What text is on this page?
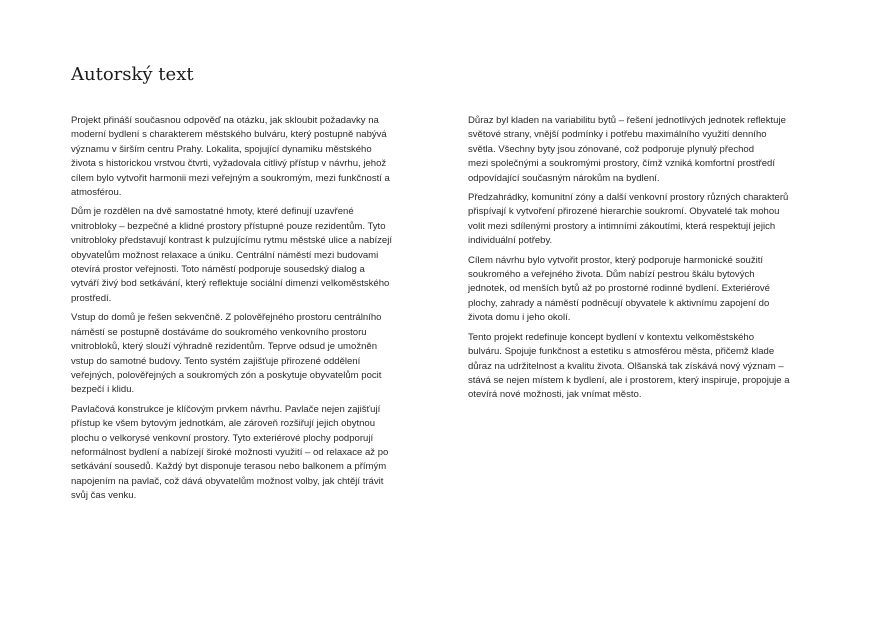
Autorský text

Projekt přináší současnou odpověď na otázku, jak skloubit požadavky na
moderní bydlení s charakterem městského bulváru, který postupně nabývá
významu v širším centru Prahy. Lokalita, spojující dynamiku městského
života s historickou vrstvou čtvrti, vyžadovala citlivý přístup v návrhu, jehož
cílem bylo vytvořit harmonii mezi veřejným a soukromým, mezi funkčností a
atmosférou.

Dům je rozdělen na dvě samostatné hmoty, které definují uzavřené
vnitrobloky – bezpečné a klidné prostory přístupné pouze rezidentům. Tyto
vnitrobloky představují kontrast k pulzujícímu rytmu městské ulice a nabízejí
obyvatelům možnost relaxace a úniku. Centrální náměstí mezi budovami
otevírá prostor veřejnosti. Toto náměstí podporuje sousedský dialog a
vytváří živý bod setkávání, který reflektuje sociální dimenzi velkoměstského
prostředí.

Vstup do domů je řešen sekvenčně. Z polověřejného prostoru centrálního
náměstí se postupně dostáváme do soukromého venkovního prostoru
vnitrobloků, který slouží výhradně rezidentům. Teprve odsud je umožněn
vstup do samotné budovy. Tento systém zajišťuje přirozené oddělení
veřejných, polověřejných a soukromých zón a poskytuje obyvatelům pocit
bezpečí i klidu.

Pavlačová konstrukce je klíčovým prvkem návrhu. Pavlače nejen zajišťují
přístup ke všem bytovým jednotkám, ale zároveň rozšiřují jejich obytnou
plochu o velkorysé venkovní prostory. Tyto exteriérové plochy podporují
neformálnost bydlení a nabízejí široké možnosti využití – od relaxace až po
setkávání sousedů. Každý byt disponuje terasou nebo balkonem a přímým
napojením na pavlač, což dává obyvatelům možnost volby, jak chtějí trávit
svůj čas venku.

Důraz byl kladen na variabilitu bytů – řešení jednotlivých jednotek reflektuje
světové strany, vnější podmínky i potřebu maximálního využití denního
světla. Všechny byty jsou zónované, což podporuje plynulý přechod
mezi společnými a soukromými prostory, čímž vzniká komfortní prostředí
odpovídající současným nárokům na bydlení.

Předzahrádky, komunitní zóny a další venkovní prostory různých charakterů
přispívají k vytvoření přirozené hierarchie soukromí. Obyvatelé tak mohou
volit mezi sdílenými prostory a intimními zákoutími, která respektují jejich
individuální potřeby.

Cílem návrhu bylo vytvořit prostor, který podporuje harmonické soužití
soukromého a veřejného života. Dům nabízí pestrou škálu bytových
jednotek, od menších bytů až po prostorné rodinné bydlení. Exteriérové
plochy, zahrady a náměstí podněcují obyvatele k aktivnímu zapojení do
života domu i jeho okolí.

Tento projekt redefinuje koncept bydlení v kontextu velkoměstského
bulváru. Spojuje funkčnost a estetiku s atmosférou města, přičemž klade
důraz na udržitelnost a kvalitu života. Olšanská tak získává nový význam –
stává se nejen místem k bydlení, ale i prostorem, který inspiruje, propojuje a
otevírá nové možnosti, jak vnímat město.
